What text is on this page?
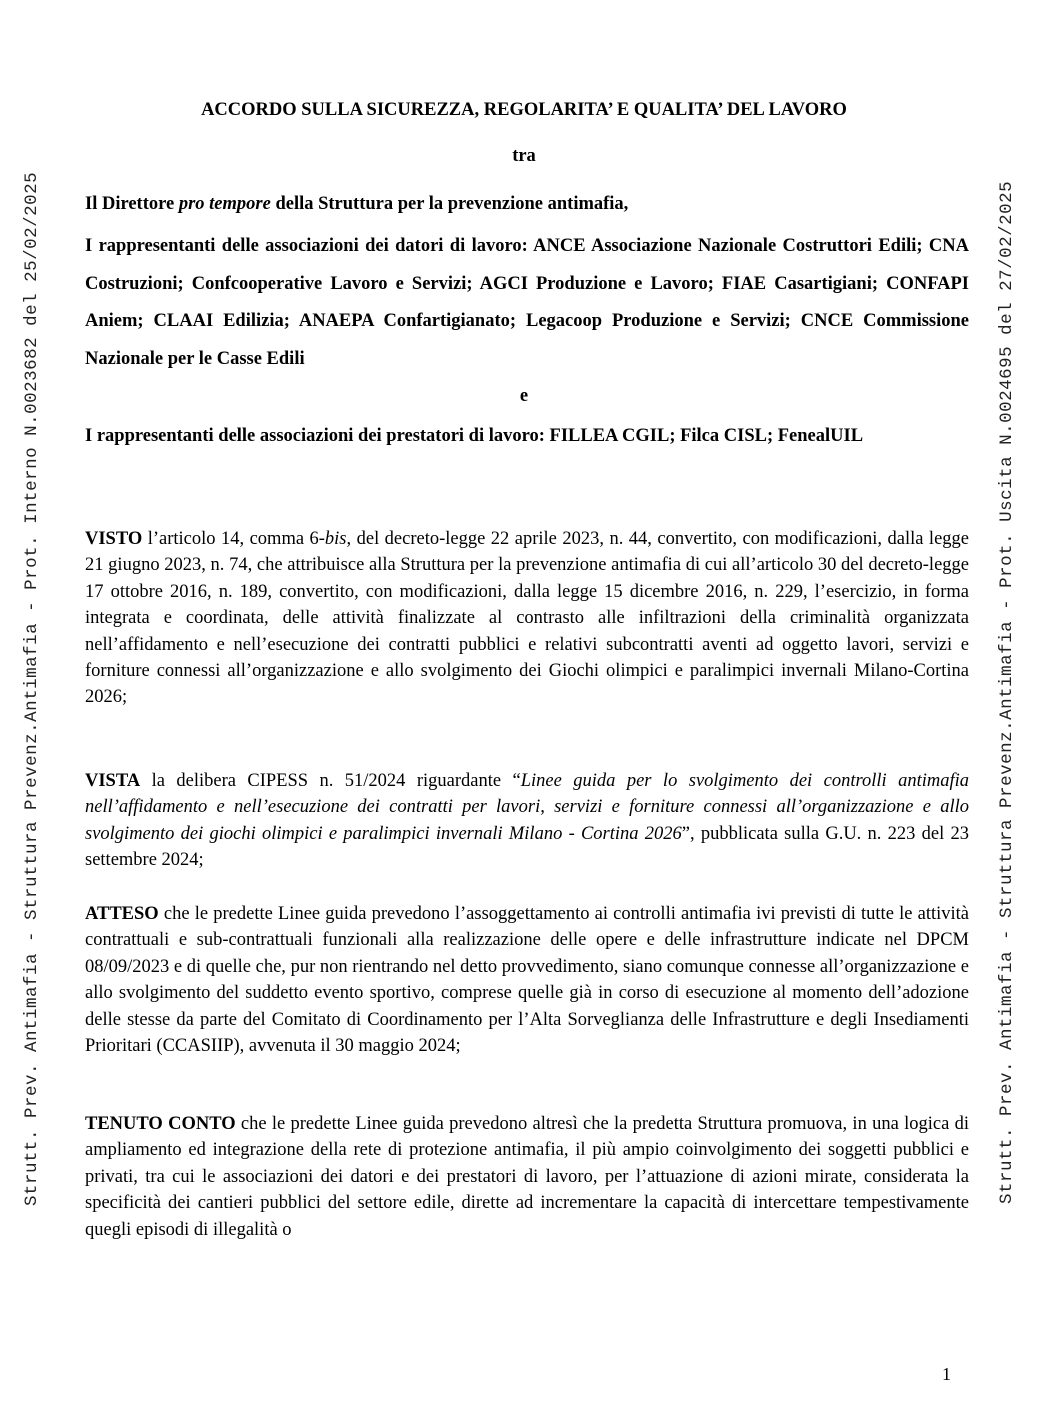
Strutt. Prev. Antimafia - Struttura Prevenz.Antimafia - Prot. Interno N.0023682 del 25/02/2025	Strutt. Prev. Antimafia - Struttura Prevenz.Antimafia - Prot. Uscita N.0024695 del 27/02/2025
ACCORDO SULLA SICUREZZA, REGOLARITA’ E QUALITA’ DEL LAVORO
tra
Il Direttore pro tempore della Struttura per la prevenzione antimafia,
I rappresentanti delle associazioni dei datori di lavoro: ANCE Associazione Nazionale Costruttori Edili; CNA Costruzioni; Confcooperative Lavoro e Servizi; AGCI Produzione e Lavoro; FIAE Casartigiani; CONFAPI Aniem; CLAAI Edilizia; ANAEPA Confartigianato; Legacoop Produzione e Servizi; CNCE Commissione Nazionale per le Casse Edili
e
I rappresentanti delle associazioni dei prestatori di lavoro: FILLEA CGIL; Filca CISL; FenealUIL
VISTO l’articolo 14, comma 6-bis, del decreto-legge 22 aprile 2023, n. 44, convertito, con modificazioni, dalla legge 21 giugno 2023, n. 74, che attribuisce alla Struttura per la prevenzione antimafia di cui all’articolo 30 del decreto-legge 17 ottobre 2016, n. 189, convertito, con modificazioni, dalla legge 15 dicembre 2016, n. 229, l’esercizio, in forma integrata e coordinata, delle attività finalizzate al contrasto alle infiltrazioni della criminalità organizzata nell’affidamento e nell’esecuzione dei contratti pubblici e relativi subcontratti aventi ad oggetto lavori, servizi e forniture connessi all’organizzazione e allo svolgimento dei Giochi olimpici e paralimpici invernali Milano-Cortina 2026;
VISTA la delibera CIPESS n. 51/2024 riguardante “Linee guida per lo svolgimento dei controlli antimafia nell’affidamento e nell’esecuzione dei contratti per lavori, servizi e forniture connessi all’organizzazione e allo svolgimento dei giochi olimpici e paralimpici invernali Milano - Cortina 2026”, pubblicata sulla G.U. n. 223 del 23 settembre 2024;
ATTESO che le predette Linee guida prevedono l’assoggettamento ai controlli antimafia ivi previsti di tutte le attività contrattuali e sub-contrattuali funzionali alla realizzazione delle opere e delle infrastrutture indicate nel DPCM 08/09/2023 e di quelle che, pur non rientrando nel detto provvedimento, siano comunque connesse all’organizzazione e allo svolgimento del suddetto evento sportivo, comprese quelle già in corso di esecuzione al momento dell’adozione delle stesse da parte del Comitato di Coordinamento per l’Alta Sorveglianza delle Infrastrutture e degli Insediamenti Prioritari (CCASIIP), avvenuta il 30 maggio 2024;
TENUTO CONTO che le predette Linee guida prevedono altresì che la predetta Struttura promuova, in una logica di ampliamento ed integrazione della rete di protezione antimafia, il più ampio coinvolgimento dei soggetti pubblici e privati, tra cui le associazioni dei datori e dei prestatori di lavoro, per l’attuazione di azioni mirate, considerata la specificità dei cantieri pubblici del settore edile, dirette ad incrementare la capacità di intercettare tempestivamente quegli episodi di illegalità o
1
